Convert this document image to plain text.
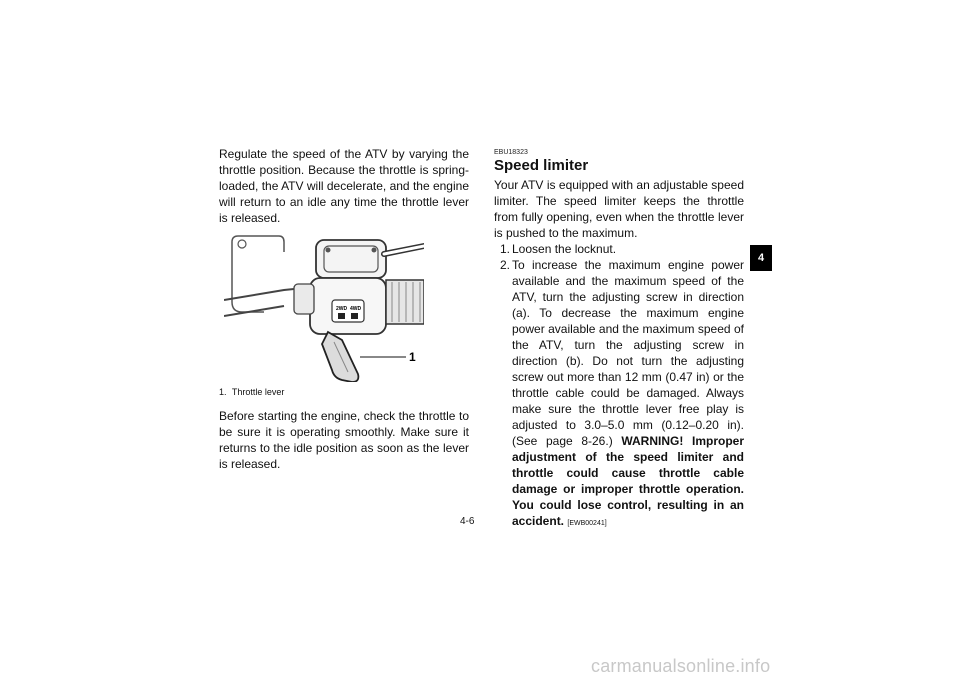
Regulate the speed of the ATV by varying the throttle position. Because the throttle is spring-loaded, the ATV will decelerate, and the engine will return to an idle any time the throttle lever is released.

2WD 4WD
1
1. Throttle lever

Before starting the engine, check the throttle to be sure it is operating smoothly. Make sure it returns to the idle position as soon as the lever is released.

EBU18323
Speed limiter

Your ATV is equipped with an adjustable speed limiter. The speed limiter keeps the throttle from fully opening, even when the throttle lever is pushed to the maximum.

1. Loosen the locknut.
2. To increase the maximum engine power available and the maximum speed of the ATV, turn the adjusting screw in direction (a). To decrease the maximum engine power available and the maximum speed of the ATV, turn the adjusting screw in direction (b). Do not turn the adjusting screw out more than 12 mm (0.47 in) or the throttle cable could be damaged. Always make sure the throttle lever free play is adjusted to 3.0–5.0 mm (0.12–0.20 in). (See page 8-26.) WARNING! Improper adjustment of the speed limiter and throttle could cause throttle cable damage or improper throttle operation. You could lose control, resulting in an accident. [EWB00241]
4
4-6
carmanualsonline.info
